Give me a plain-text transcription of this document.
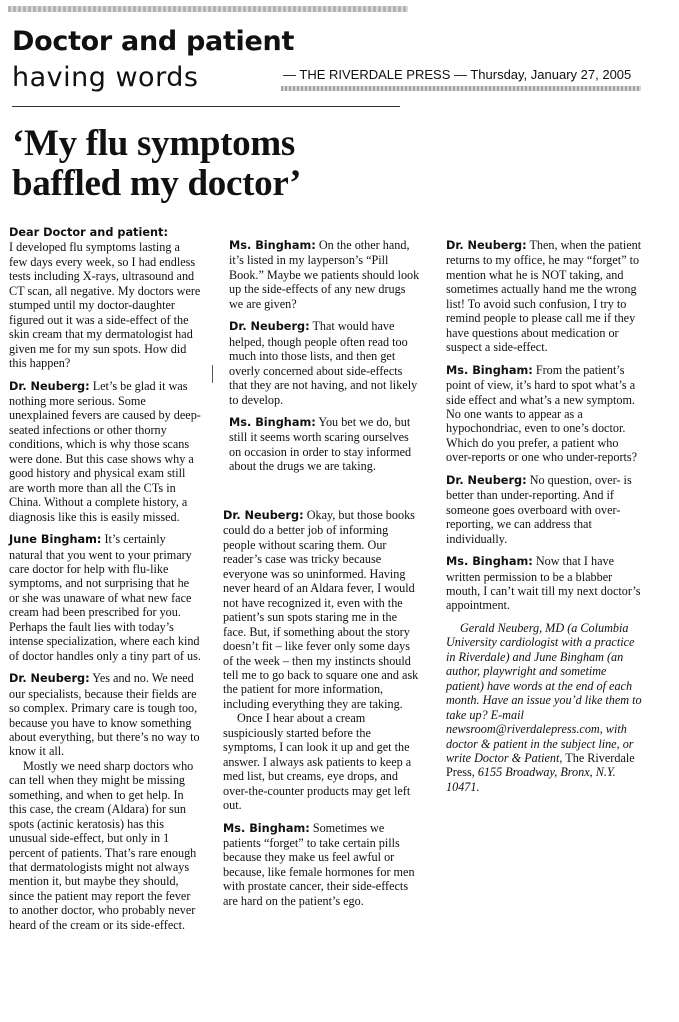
Doctor and patient
having words	— THE RIVERDALE PRESS — Thursday, January 27, 2005
‘My flu symptoms
baffled my doctor’

Dear Doctor and patient:
I developed flu symptoms lasting a few days every week, so I had endless tests including X-rays, ultrasound and CT scan, all negative. My doctors were stumped until my doctor-daughter figured out it was a side-effect of the skin cream that my dermatologist had given me for my sun spots. How did this happen?

Dr. Neuberg: Let’s be glad it was nothing more serious. Some unexplained fevers are caused by deep-seated infections or other thorny conditions, which is why those scans were done. But this case shows why a good history and physical exam still are worth more than all the CTs in China. Without a complete history, a diagnosis like this is easily missed.

June Bingham: It’s certainly natural that you went to your primary care doctor for help with flu-like symptoms, and not surprising that he or she was unaware of what new face cream had been prescribed for you. Perhaps the fault lies with today’s intense specialization, where each kind of doctor handles only a tiny part of us.

Dr. Neuberg: Yes and no. We need our specialists, because their fields are so complex. Primary care is tough too, because you have to know something about everything, but there’s no way to know it all.

Mostly we need sharp doctors who can tell when they might be missing something, and when to get help. In this case, the cream (Aldara) for sun spots (actinic keratosis) has this unusual side-effect, but only in 1 percent of patients. That’s rare enough that dermatologists might not always mention it, but maybe they should, since the patient may report the fever to another doctor, who probably never heard of the cream or its side-effect.

Ms. Bingham: On the other hand, it’s listed in my layperson’s “Pill Book.” Maybe we patients should look up the side-effects of any new drugs we are given?

Dr. Neuberg: That would have helped, though people often read too much into those lists, and then get overly concerned about side-effects that they are not having, and not likely to develop.

Ms. Bingham: You bet we do, but still it seems worth scaring ourselves on occasion in order to stay informed about the drugs we are taking.

Dr. Neuberg: Okay, but those books could do a better job of informing people without scaring them. Our reader’s case was tricky because everyone was so uninformed. Having never heard of an Aldara fever, I would not have recognized it, even with the patient’s sun spots staring me in the face. But, if something about the story doesn’t fit – like fever only some days of the week – then my instincts should tell me to go back to square one and ask the patient for more information, including everything they are taking.

Once I hear about a cream suspiciously started before the symptoms, I can look it up and get the answer. I always ask patients to keep a med list, but creams, eye drops, and over-the-counter products may get left out.

Ms. Bingham: Sometimes we patients “forget” to take certain pills because they make us feel awful or because, like female hormones for men with prostate cancer, their side-effects are hard on the patient’s ego.

Dr. Neuberg: Then, when the patient returns to my office, he may “forget” to mention what he is NOT taking, and sometimes actually hand me the wrong list! To avoid such confusion, I try to remind people to please call me if they have questions about medication or suspect a side-effect.

Ms. Bingham: From the patient’s point of view, it’s hard to spot what’s a side effect and what’s a new symptom. No one wants to appear as a hypochondriac, even to one’s doctor. Which do you prefer, a patient who over-reports or one who under-reports?

Dr. Neuberg: No question, over- is better than under-reporting. And if someone goes overboard with over-reporting, we can address that individually.

Ms. Bingham: Now that I have written permission to be a blabber mouth, I can’t wait till my next doctor’s appointment.

Gerald Neuberg, MD (a Columbia University cardiologist with a practice in Riverdale) and June Bingham (an author, playwright and sometime patient) have words at the end of each month. Have an issue you’d like them to take up? E-mail newsroom@riverdalepress.com, with doctor & patient in the subject line, or write Doctor & Patient, The Riverdale Press, 6155 Broadway, Bronx, N.Y. 10471.
